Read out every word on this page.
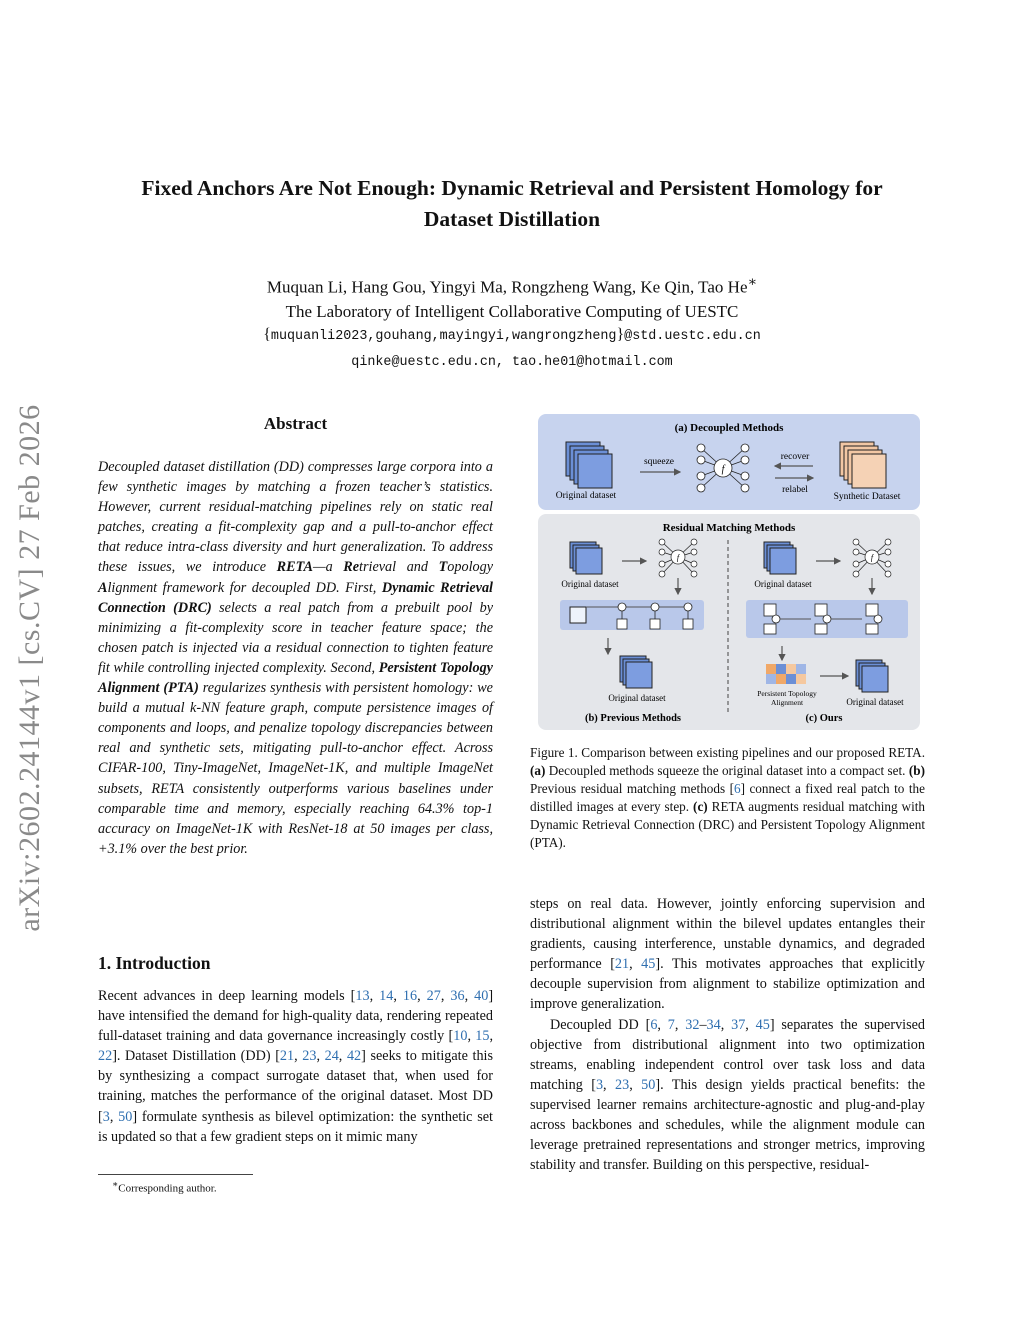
Fixed Anchors Are Not Enough: Dynamic Retrieval and Persistent Homology for
Dataset Distillation
Muquan Li, Hang Gou, Yingyi Ma, Rongzheng Wang, Ke Qin, Tao He∗
The Laboratory of Intelligent Collaborative Computing of UESTC
{muquanli2023,gouhang,mayingyi,wangrongzheng}@std.uestc.edu.cn
qinke@uestc.edu.cn, tao.he01@hotmail.com
arXiv:2602.24144v1 [cs.CV] 27 Feb 2026	Abstract
Decoupled dataset distillation (DD) compresses large corpora into a few synthetic images by matching a frozen teacher’s statistics. However, current residual-matching pipelines rely on static real patches, creating a fit-complexity gap and a pull-to-anchor effect that reduce intra-class diversity and hurt generalization. To address these issues, we introduce RETA—a Retrieval and Topology Alignment framework for decoupled DD. First, Dynamic Retrieval Connection (DRC) selects a real patch from a prebuilt pool by minimizing a fit-complexity score in teacher feature space; the chosen patch is injected via a residual connection to tighten feature fit while controlling injected complexity. Second, Persistent Topology Alignment (PTA) regularizes synthesis with persistent homology: we build a mutual k-NN feature graph, compute persistence images of components and loops, and penalize topology discrepancies between real and synthetic sets, mitigating pull-to-anchor effect. Across CIFAR-100, Tiny-ImageNet, ImageNet-1K, and multiple ImageNet subsets, RETA consistently outperforms various baselines under comparable time and memory, especially reaching 64.3% top-1 accuracy on ImageNet-1K with ResNet-18 at 50 images per class, +3.1% over the best prior.
1. Introduction
Recent advances in deep learning models [13, 14, 16, 27, 36, 40] have intensified the demand for high-quality data, rendering repeated full-dataset training and data governance increasingly costly [10, 15, 22]. Dataset Distillation (DD) [21, 23, 24, 42] seeks to mitigate this by synthesizing a compact surrogate dataset that, when used for training, matches the performance of the original dataset. Most DD [3, 50] formulate synthesis as bilevel optimization: the synthetic set is updated so that a few gradient steps on it mimic many
∗Corresponding author.
(a) Decoupled Methods
Original dataset
squeeze
f
recover
relabel
Synthetic Dataset
Residual Matching Methods
Original dataset
f
Original dataset
(b) Previous Methods
Original dataset
f
Persistent Topology
Alignment	Original dataset
(c) Ours
Figure 1. Comparison between existing pipelines and our proposed RETA. (a) Decoupled methods squeeze the original dataset into a compact set. (b) Previous residual matching methods [6] connect a fixed real patch to the distilled images at every step. (c) RETA augments residual matching with Dynamic Retrieval Connection (DRC) and Persistent Topology Alignment (PTA).

steps on real data. However, jointly enforcing supervision and distributional alignment within the bilevel updates entangles their gradients, causing interference, unstable dynamics, and degraded performance [21, 45]. This motivates approaches that explicitly decouple supervision from alignment to stabilize optimization and improve generalization.

Decoupled DD [6, 7, 32–34, 37, 45] separates the supervised objective from distributional alignment into two optimization streams, enabling independent control over task loss and data matching [3, 23, 50]. This design yields practical benefits: the supervised learner remains architecture-agnostic and plug-and-play across backbones and schedules, while the alignment module can leverage pretrained representations and stronger metrics, improving stability and transfer. Building on this perspective, residual-
